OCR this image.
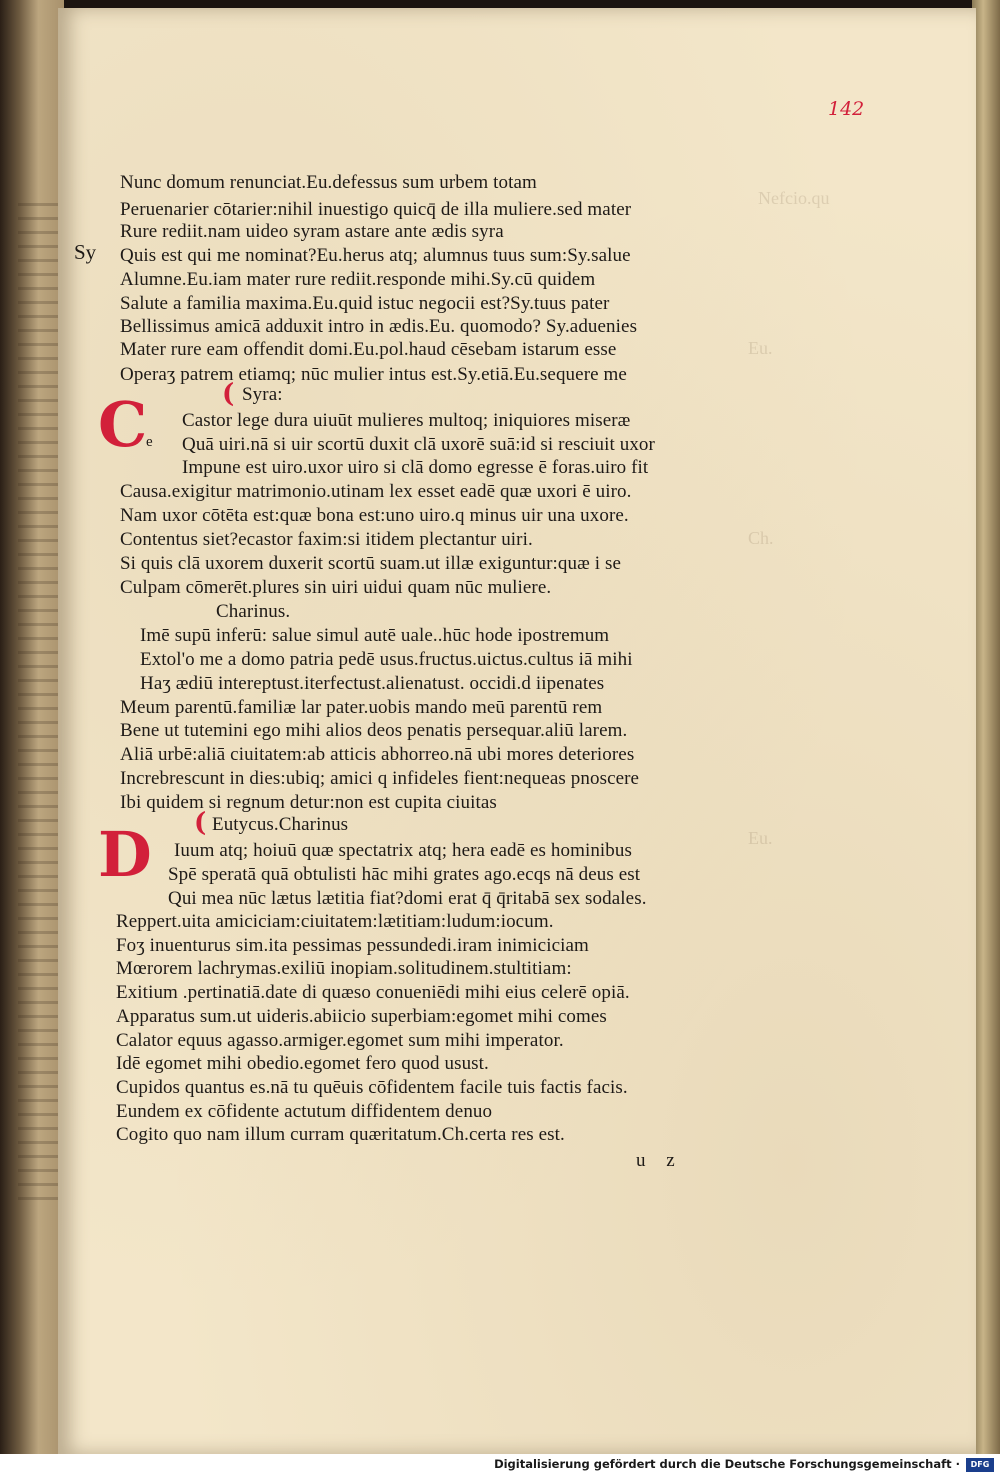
Nefcio.qu
Eu.
Ch.
Eu.
142
Sy
Nunc domum renunciat.Eu.defessus sum urbem totam
Peruenarier cōtarier:nihil inuestigo quicq̄ de illa muliere.sed mater
Rure rediit.nam uideo syram astare ante ædis syra
Quis est qui me nominat?Eu.herus atq; alumnus tuus sum:Sy.salue
Alumne.Eu.iam mater rure rediit.responde mihi.Sy.cū quidem
Salute a familia maxima.Eu.quid istuc negocii est?Sy.tuus pater
Bellissimus amicā adduxit intro in ædis.Eu. quomodo? Sy.aduenies
Mater rure eam offendit domi.Eu.pol.haud cēsebam istarum esse
Operaʒ patrem etiamq; nūc mulier intus est.Sy.etiā.Eu.sequere me
( Syra:
C
e
Castor lege dura uiuūt mulieres multoq; iniquiores miseræ
Quā uiri.nā si uir scortū duxit clā uxorē suā:id si resciuit uxor
Impune est uiro.uxor uiro si clā domo egresse ē foras.uiro fit
Causa.exigitur matrimonio.utinam lex esset eadē quæ uxori ē uiro.
Nam uxor cōtēta est:quæ bona est:uno uiro.q minus uir una uxore.
Contentus siet?ecastor faxim:si itidem plectantur uiri.
Si quis clā uxorem duxerit scortū suam.ut illæ exiguntur:quæ i se
Culpam cōmerēt.plures sin uiri uidui quam nūc muliere.
Charinus.
Imē supū inferū: salue simul autē uale..hūc hode ipostremum
Extol'o me a domo patria pedē usus.fructus.uictus.cultus iā mihi
Haʒ ædiū intereptust.iterfectust.alienatust. occidi.d iipenates
Meum parentū.familiæ lar pater.uobis mando meū parentū rem
Bene ut tutemini ego mihi alios deos penatis persequar.aliū larem.
Aliā urbē:aliā ciuitatem:ab atticis abhorreo.nā ubi mores deteriores
Increbrescunt in dies:ubiq; amici q infideles fient:nequeas pnoscere
Ibi quidem si regnum detur:non est cupita ciuitas
( Eutycus.Charinus
D Iuum atq; hoiuū quæ spectatrix atq; hera eadē es hominibus
Spē speratā quā obtulisti hāc mihi grates ago.ecqs nā deus est
Qui mea nūc lætus lætitia fiat?domi erat q̄ q̄ritabā sex sodales.
Reppert.uita amiciciam:ciuitatem:lætitiam:ludum:iocum.
Foʒ inuenturus sim.ita pessimas pessundedi.iram inimiciciam
Mœrorem lachrymas.exiliū inopiam.solitudinem.stultitiam:
Exitium .pertinatiā.date di quæso conueniēdi mihi eius celerē opiā.
Apparatus sum.ut uideris.abiicio superbiam:egomet mihi comes
Calator equus agasso.armiger.egomet sum mihi imperator.
Idē egomet mihi obedio.egomet fero quod usust.
Cupidos quantus es.nā tu quēuis cōfidentem facile tuis factis facis.
Eundem ex cōfidente actutum diffidentem denuo
Cogito quo nam illum curram quæritatum.Ch.certa res est.
u z
Digitalisierung gefördert durch die Deutsche Forschungsgemeinschaft ·	DFG
